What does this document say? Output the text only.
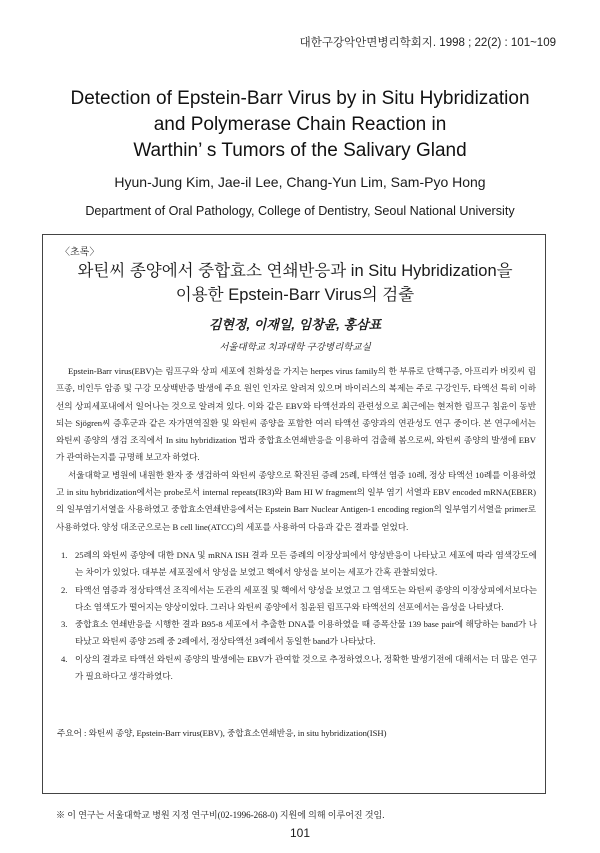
대한구강악안면병리학회지. 1998 ; 22(2) : 101~109
Detection of Epstein-Barr Virus by in Situ Hybridization
and Polymerase Chain Reaction in
Warthin’ s Tumors of the Salivary Gland
Hyun-Jung Kim, Jae-il Lee, Chang-Yun Lim, Sam-Pyo Hong
Department of Oral Pathology, College of Dentistry, Seoul National University
〈초록〉
와틴씨 종양에서 중합효소 연쇄반응과 in Situ Hybridization을
이용한 Epstein-Barr Virus의 검출
김현정, 이재일, 임창윤, 홍삼표
서울대학교 치과대학 구강병리학교실

Epstein-Barr virus(EBV)는 림프구와 상피 세포에 친화성을 가지는 herpes virus family의 한 부류로 단핵구증, 아프리카 버킷씨 림프종, 비인두 암종 및 구강 모상백반증 발생에 주요 원인 인자로 알려져 있으며 바이러스의 복제는 주로 구강인두, 타액선 특히 이하선의 상피세포내에서 일어나는 것으로 알려져 있다. 이와 같은 EBV와 타액선과의 관련성으로 최근에는 현저한 림프구 침윤이 동반되는 Sjögren씨 증후군과 같은 자가면역질환 및 와틴씨 종양을 포함한 여러 타액선 종양과의 연관성도 연구 중이다. 본 연구에서는 와틴씨 종양의 생검 조직에서 In situ hybridization 법과 중합효소연쇄반응을 이용하여 검출해 봄으로써, 와틴씨 종양의 발생에 EBV가 관여하는지를 규명해 보고자 하였다.

서울대학교 병원에 내원한 환자 중 생검하여 와틴씨 종양으로 확진된 증례 25례, 타액선 염증 10례, 정상 타액선 10례를 이용하였고 in situ hybridization에서는 probe로서 internal repeats(IR3)와 Bam HI W fragment의 일부 염기 서열과 EBV encoded mRNA(EBER)의 일부염기서열을 사용하였고 중합효소연쇄반응에서는 Epstein Barr Nuclear Antigen-1 encoding region의 일부염기서열을 primer로 사용하였다. 양성 대조군으로는 B cell line(ATCC)의 세포를 사용하여 다음과 같은 결과를 얻었다.

1. 25례의 와틴씨 종양에 대한 DNA 및 mRNA ISH 결과 모든 증례의 이장상피에서 양성반응이 나타났고 세포에 따라 염색강도에는 차이가 있었다. 대부분 세포질에서 양성을 보였고 핵에서 양성을 보이는 세포가 간혹 관찰되었다.
2. 타액선 염증과 정상타액선 조직에서는 도관의 세포질 및 핵에서 양성을 보였고 그 염색도는 와틴씨 종양의 이장상피에서보다는 다소 염색도가 떨어지는 양상이었다. 그러나 와틴씨 종양에서 침윤된 림프구와 타액선의 선포에서는 음성을 나타냈다.
3. 중합효소 연쇄반응을 시행한 결과 B95-8 세포에서 추출한 DNA를 이용하였을 때 증폭산물 139 base pair에 해당하는 band가 나타났고 와틴씨 종양 25례 중 2례에서, 정상타액선 3례에서 동일한 band가 나타났다.
4. 이상의 결과로 타액선 와틴씨 종양의 발생에는 EBV가 관여할 것으로 추정하였으나, 정확한 발생기전에 대해서는 더 많은 연구가 필요하다고 생각하였다.
주요어 : 와틴씨 종양, Epstein-Barr virus(EBV), 중합효소연쇄반응, in situ hybridization(ISH)
※ 이 연구는 서울대학교 병원 지정 연구비(02-1996-268-0) 지원에 의해 이루어진 것임.
101
